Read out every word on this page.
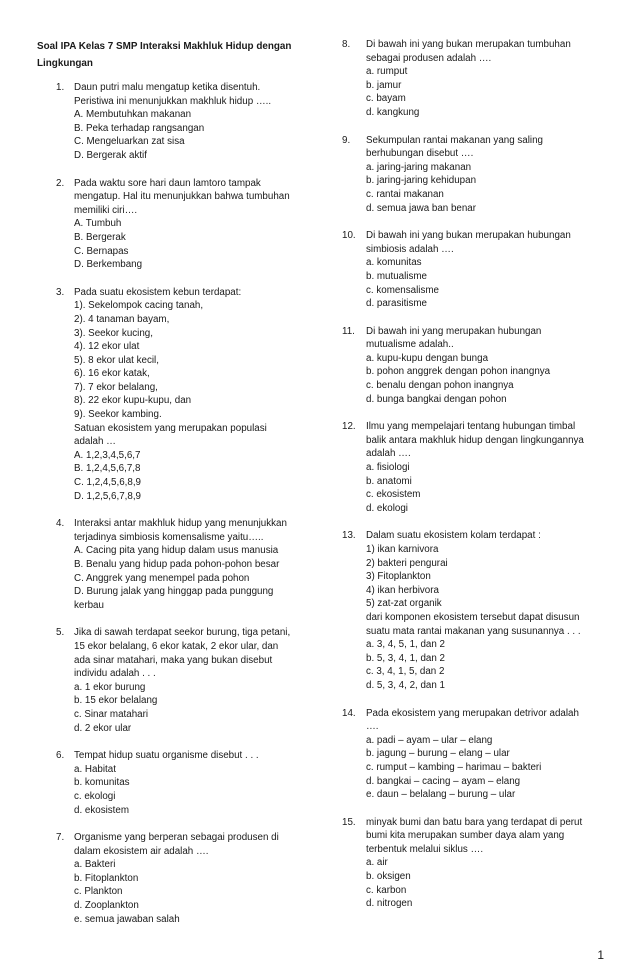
Soal IPA Kelas 7 SMP Interaksi Makhluk Hidup dengan
Lingkungan
1. Daun putri malu mengatup ketika disentuh.
Peristiwa ini menunjukkan makhluk hidup …..
A. Membutuhkan makanan
B. Peka terhadap rangsangan
C. Mengeluarkan zat sisa
D. Bergerak aktif
2. Pada waktu sore hari daun lamtoro tampak
mengatup. Hal itu menunjukkan bahwa tumbuhan
memiliki ciri….
A. Tumbuh
B. Bergerak
C. Bernapas
D. Berkembang
3. Pada suatu ekosistem kebun terdapat:
1). Sekelompok cacing tanah,
2). 4 tanaman bayam,
3). Seekor kucing,
4). 12 ekor ulat
5). 8 ekor ulat kecil,
6). 16 ekor katak,
7). 7 ekor belalang,
8). 22 ekor kupu-kupu, dan
9). Seekor kambing.
Satuan ekosistem yang merupakan populasi
adalah …
A. 1,2,3,4,5,6,7
B. 1,2,4,5,6,7,8
C. 1,2,4,5,6,8,9
D. 1,2,5,6,7,8,9
4. Interaksi antar makhluk hidup yang menunjukkan
terjadinya simbiosis komensalisme yaitu…..
A. Cacing pita yang hidup dalam usus manusia
B. Benalu yang hidup pada pohon-pohon besar
C. Anggrek yang menempel pada pohon
D. Burung jalak yang hinggap pada punggung
kerbau
5. Jika di sawah terdapat seekor burung, tiga petani,
15 ekor belalang, 6 ekor katak, 2 ekor ular, dan
ada sinar matahari, maka yang bukan disebut
individu adalah . . .
a. 1 ekor burung
b. 15 ekor belalang
c. Sinar matahari
d. 2 ekor ular
6. Tempat hidup suatu organisme disebut . . .
a. Habitat
b. komunitas
c. ekologi
d. ekosistem
7. Organisme yang berperan sebagai produsen di
dalam ekosistem air adalah ….
a. Bakteri
b. Fitoplankton
c. Plankton
d. Zooplankton
e. semua jawaban salah
8. Di bawah ini yang bukan merupakan tumbuhan
sebagai produsen adalah ….
a. rumput
b. jamur
c. bayam
d. kangkung
9. Sekumpulan rantai makanan yang saling
berhubungan disebut ….
a. jaring-jaring makanan
b. jaring-jaring kehidupan
c. rantai makanan
d. semua jawa ban benar
10. Di bawah ini yang bukan merupakan hubungan
simbiosis adalah ….
a. komunitas
b. mutualisme
c. komensalisme
d. parasitisme
11. Di bawah ini yang merupakan hubungan
mutualisme adalah..
a. kupu-kupu dengan bunga
b. pohon anggrek dengan pohon inangnya
c. benalu dengan pohon inangnya
d. bunga bangkai dengan pohon
12. Ilmu yang mempelajari tentang hubungan timbal
balik antara makhluk hidup dengan lingkungannya
adalah ….
a. fisiologi
b. anatomi
c. ekosistem
d. ekologi
13. Dalam suatu ekosistem kolam terdapat :
1) ikan karnivora
2) bakteri pengurai
3) Fitoplankton
4) ikan herbivora
5) zat-zat organik
dari komponen ekosistem tersebut dapat disusun
suatu mata rantai makanan yang susunannya . . .
a. 3, 4, 5, 1, dan 2
b. 5, 3, 4, 1, dan 2
c. 3, 4, 1, 5, dan 2
d. 5, 3, 4, 2, dan 1
14. Pada ekosistem yang merupakan detrivor adalah
….
a. padi – ayam – ular – elang
b. jagung – burung – elang – ular
c. rumput – kambing – harimau – bakteri
d. bangkai – cacing – ayam – elang
e. daun – belalang – burung – ular
15. minyak bumi dan batu bara yang terdapat di perut
bumi kita merupakan sumber daya alam yang
terbentuk melalui siklus ….
a. air
b. oksigen
c. karbon
d. nitrogen
1
